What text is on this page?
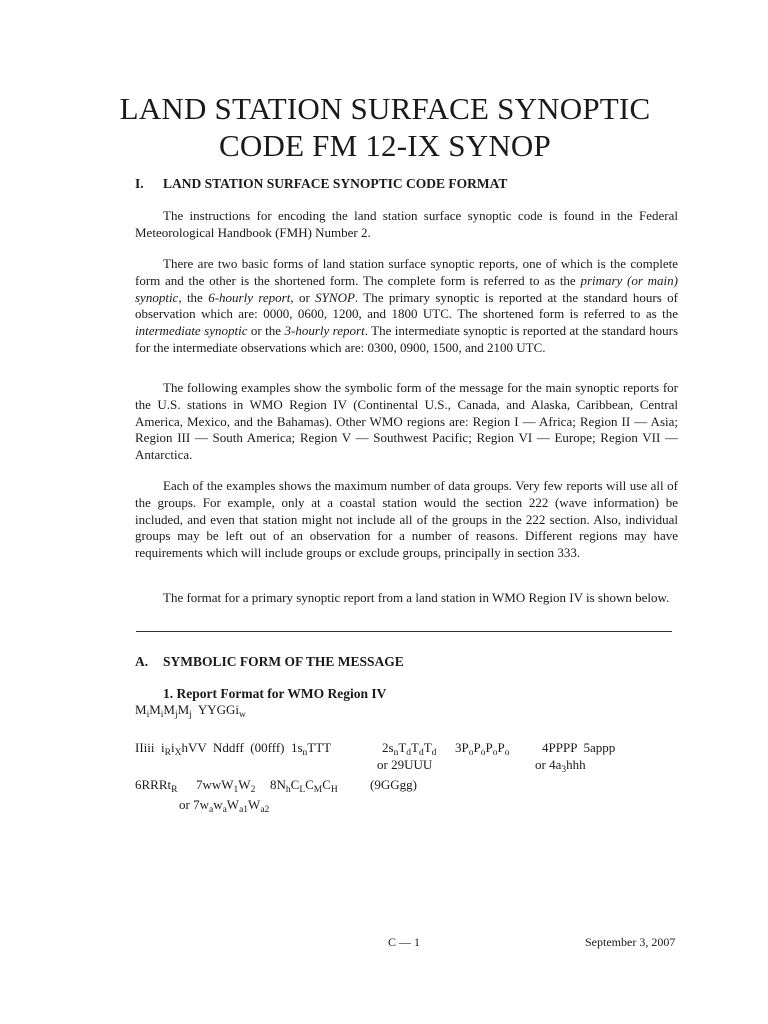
LAND STATION SURFACE SYNOPTIC
CODE FM 12-IX SYNOP
I. LAND STATION SURFACE SYNOPTIC CODE FORMAT

The instructions for encoding the land station surface synoptic code is found in the Federal Meteorological Handbook (FMH) Number 2.

There are two basic forms of land station surface synoptic reports, one of which is the complete form and the other is the shortened form. The complete form is referred to as the primary (or main) synoptic, the 6-hourly report, or SYNOP. The primary synoptic is reported at the standard hours of observation which are: 0000, 0600, 1200, and 1800 UTC. The shortened form is referred to as the intermediate synoptic or the 3-hourly report. The intermediate synoptic is reported at the standard hours for the intermediate observations which are: 0300, 0900, 1500, and 2100 UTC.

The following examples show the symbolic form of the message for the main synoptic reports for the U.S. stations in WMO Region IV (Continental U.S., Canada, and Alaska, Caribbean, Central America, Mexico, and the Bahamas). Other WMO regions are: Region I — Africa; Region II — Asia; Region III — South America; Region V — Southwest Pacific; Region VI — Europe; Region VII — Antarctica.

Each of the examples shows the maximum number of data groups. Very few reports will use all of the groups. For example, only at a coastal station would the section 222 (wave information) be included, and even that station might not include all of the groups in the 222 section. Also, individual groups may be left out of an observation for a number of reasons. Different regions may have requirements which will include groups or exclude groups, principally in section 333.

The format for a primary synoptic report from a land station in WMO Region IV is shown below.

A. SYMBOLIC FORM OF THE MESSAGE
1. Report Format for WMO Region IV
$M_iM_iM_jM_j$  YYGGi$_w$
IIiii  $i_Ri_XhVV$  Nddff  (00fff)  $1s_nTTT$	$2s_nT_dT_dT_d$ $3P_oP_oP_oP_o$	4PPPP  5appp
or 29UUU	or $4a_3hhh$
6RRRt$_R$ $7wwW_1W_2$ $8N_hC_LC_MC_H$ (9GGgg)
or $7w_aw_aW_{a1}W_{a2}$
C — 1	September 3, 2007
